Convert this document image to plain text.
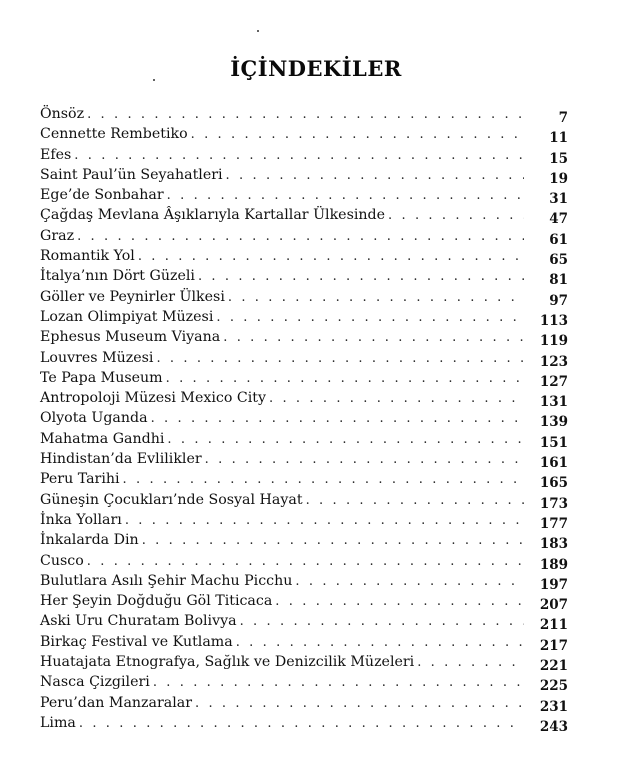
İÇİNDEKİLER
Önsöz . . .	7
Cennette Rembetiko . . .	11
Efes . . .	15
Saint Paul’ün Seyahatleri . . .	19
Ege’de Sonbahar . . .	31
Çağdaş Mevlana Âşıklarıyla Kartallar Ülkesinde . . .	47
Graz . . .	61
Romantik Yol . . .	65
İtalya’nın Dört Güzeli . . .	81
Göller ve Peynirler Ülkesi . . .	97
Lozan Olimpiyat Müzesi . . .	113
Ephesus Museum Viyana . . .	119
Louvres Müzesi . . .	123
Te Papa Museum . . .	127
Antropoloji Müzesi Mexico City . . .	131
Olyota Uganda . . .	139
Mahatma Gandhi . . .	151
Hindistan’da Evlilikler . . .	161
Peru Tarihi . . .	165
Güneşin Çocukları’nde Sosyal Hayat . . .	173
İnka Yolları . . .	177
İnkalarda Din . . .	183
Cusco . . .	189
Bulutlara Asılı Şehir Machu Picchu . . .	197
Her Şeyin Doğduğu Göl Titicaca . . .	207
Aski Uru Churatam Bolivya . . .	211
Birkaç Festival ve Kutlama . . .	217
Huatajata Etnografya, Sağlık ve Denizcilik Müzeleri . . .	221
Nasca Çizgileri . . .	225
Peru’dan Manzaralar . . .	231
Lima . . .	243
